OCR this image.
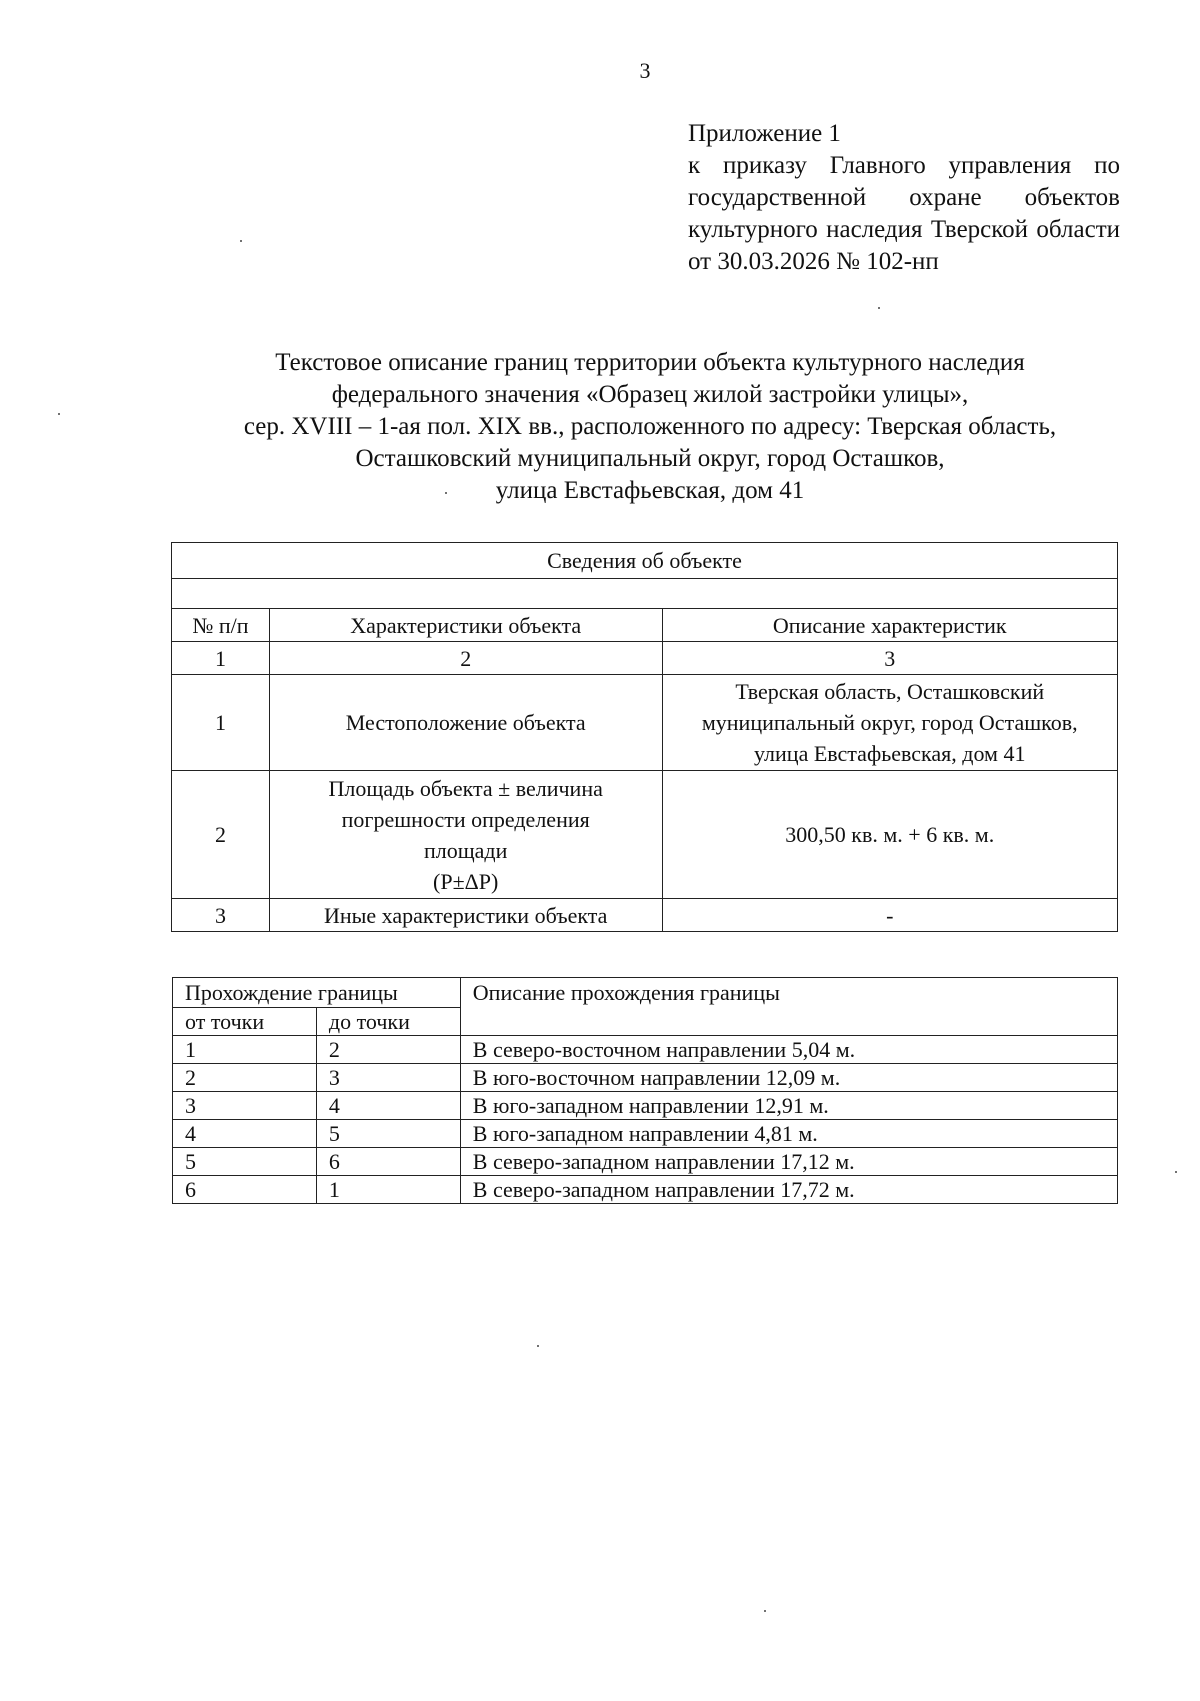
3
Приложение 1
к приказу Главного управления по государственной охране объектов культурного наследия Тверской области от 30.03.2026 № 102-нп
Текстовое описание границ территории объекта культурного наследия
федерального значения «Образец жилой застройки улицы»,
сер. XVIII – 1-ая пол. XIX вв., расположенного по адресу: Тверская область,
Осташковский муниципальный округ, город Осташков,
улица Евстафьевская, дом 41
Сведения об объекте		

№ п/п	Характеристики объекта	Описание характеристик
1	2	3
1	Местоположение объекта	Тверская область, Осташковский
муниципальный округ, город Осташков,
улица Евстафьевская, дом 41

2	Площадь объекта ± величина
погрешности определения
площади
(Р±ΔР)	300,50 кв. м. + 6 кв. м.

3	Иные характеристики объекта	-
Прохождение границы		Описание прохождения границы
от точки	до точки	
1	2	В северо-восточном направлении 5,04 м.
2	3	В юго-восточном направлении 12,09 м.
3	4	В юго-западном направлении 12,91 м.
4	5	В юго-западном направлении 4,81 м.
5	6	В северо-западном направлении 17,12 м.
6	1	В северо-западном направлении 17,72 м.
